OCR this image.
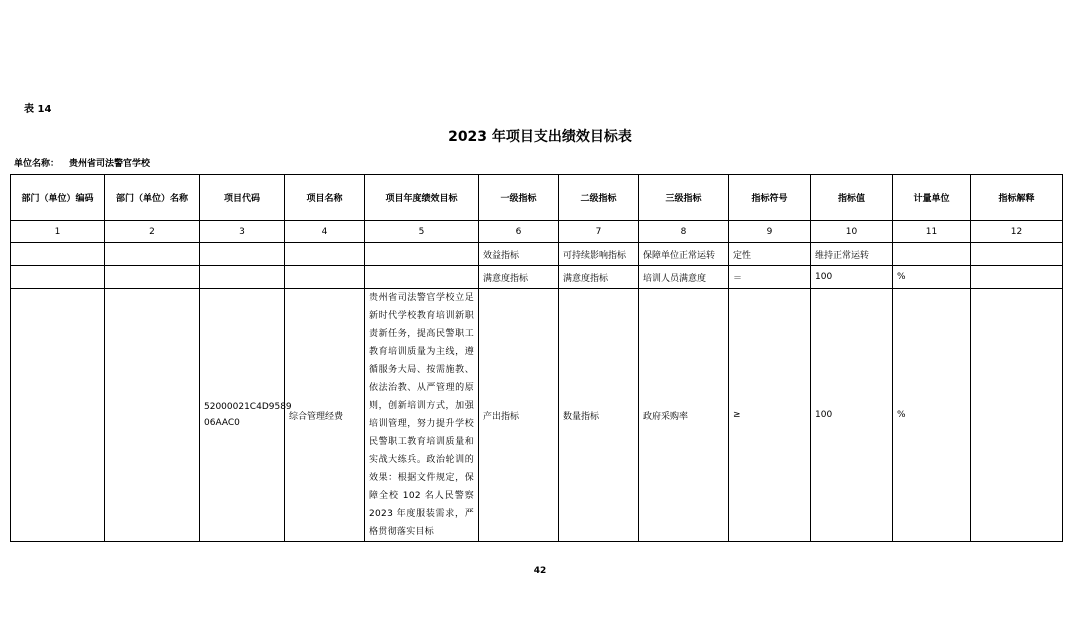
表 14
2023 年项目支出绩效目标表
单位名称： 贵州省司法警官学校
部门（单位）编码	部门（单位）名称	项目代码	项目名称	项目年度绩效目标	一级指标	二级指标	三级指标	指标符号	指标值	计量单位	指标解释
1	2	3	4	5	6	7	8	9	10	11	12
					效益指标	可持续影响指标	保障单位正常运转	定性	维持正常运转		
					满意度指标	满意度指标	培训人员满意度	＝	100	%	
		52000021C4D9589 06AAC0	综合管理经费	贵州省司法警官学校立足新时代学校教育培训新职责新任务，提高民警职工教育培训质量为主线，遵循服务大局、按需施教、依法治教、从严管理的原则，创新培训方式，加强培训管理，努力提升学校民警职工教育培训质量和实战大练兵。政治轮训的效果：根据文件规定，保障全校 102 名人民警察 2023 年度服装需求，严格贯彻落实目标	产出指标	数量指标	政府采购率	≥	100	%	
42
